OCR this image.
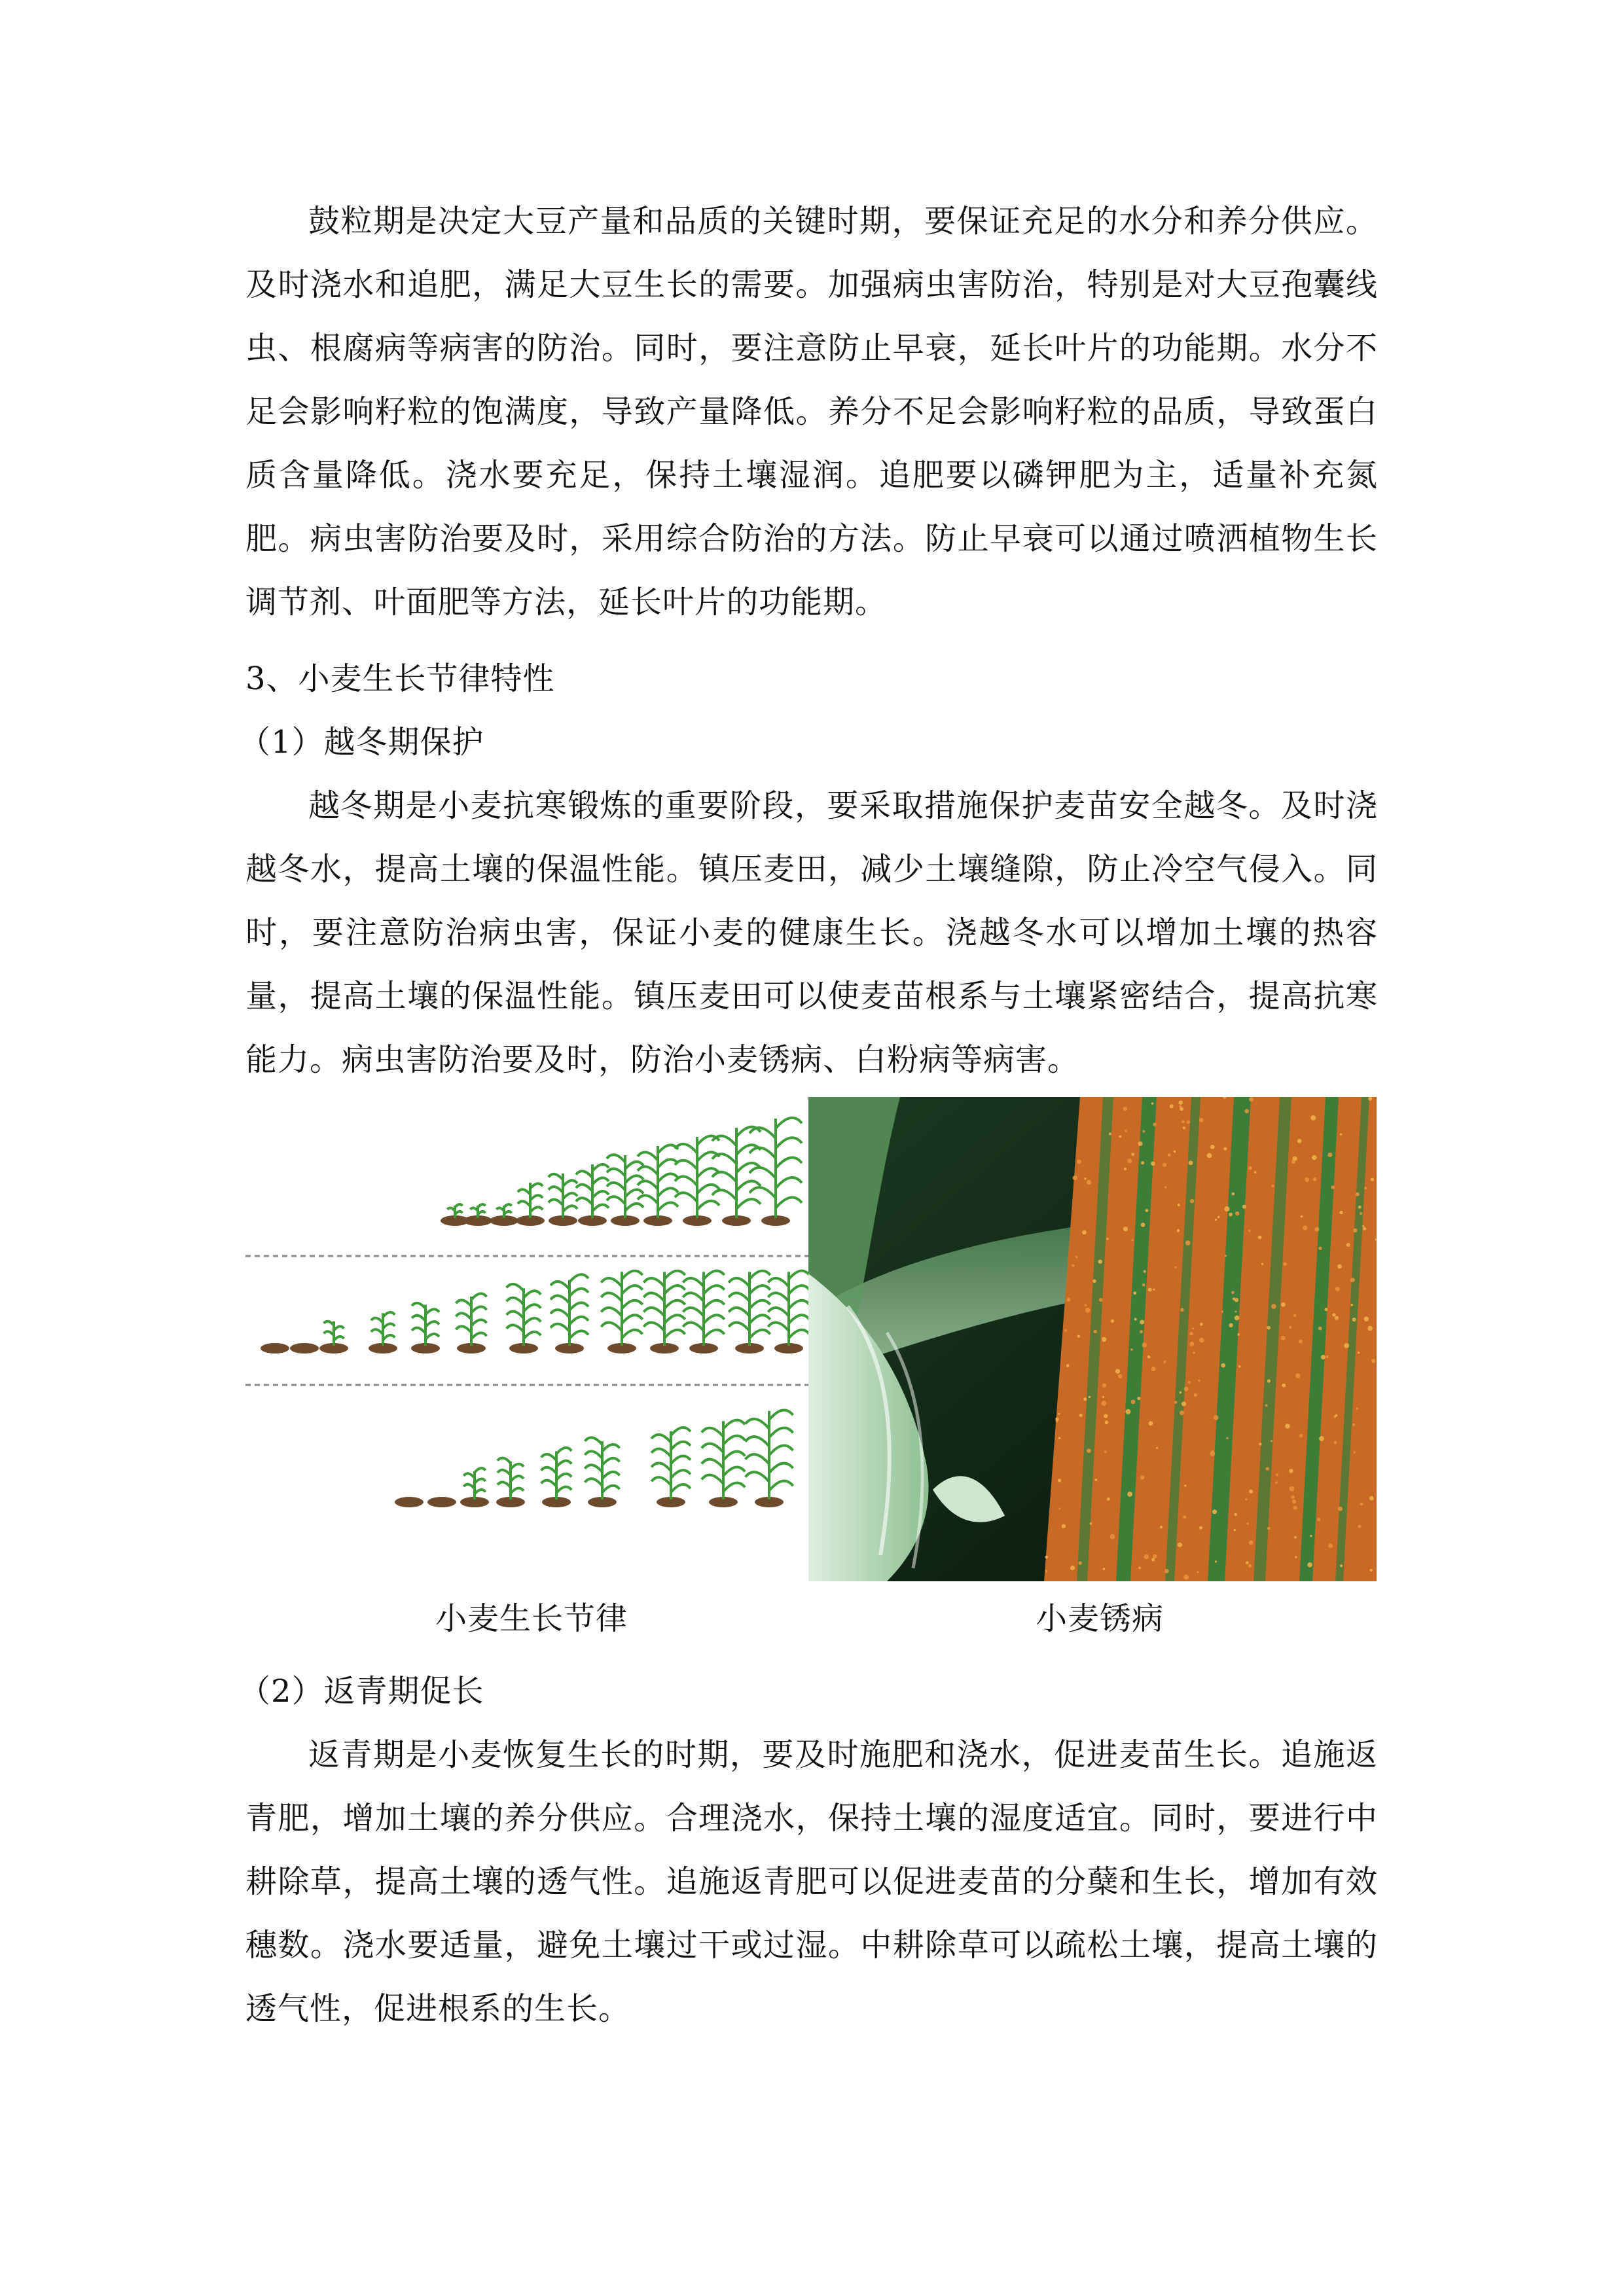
鼓粒期是决定大豆产量和品质的关键时期，要保证充足的水分和养分供应。及时浇水和追肥，满足大豆生长的需要。加强病虫害防治，特别是对大豆孢囊线虫、根腐病等病害的防治。同时，要注意防止早衰，延长叶片的功能期。水分不足会影响籽粒的饱满度，导致产量降低。养分不足会影响籽粒的品质，导致蛋白质含量降低。浇水要充足，保持土壤湿润。追肥要以磷钾肥为主，适量补充氮肥。病虫害防治要及时，采用综合防治的方法。防止早衰可以通过喷洒植物生长调节剂、叶面肥等方法，延长叶片的功能期。

3、小麦生长节律特性

（1）越冬期保护

越冬期是小麦抗寒锻炼的重要阶段，要采取措施保护麦苗安全越冬。及时浇越冬水，提高土壤的保温性能。镇压麦田，减少土壤缝隙，防止冷空气侵入。同时，要注意防治病虫害，保证小麦的健康生长。浇越冬水可以增加土壤的热容量，提高土壤的保温性能。镇压麦田可以使麦苗根系与土壤紧密结合，提高抗寒能力。病虫害防治要及时，防治小麦锈病、白粉病等病害。

小麦生长节律	小麦锈病

（2）返青期促长

返青期是小麦恢复生长的时期，要及时施肥和浇水，促进麦苗生长。追施返青肥，增加土壤的养分供应。合理浇水，保持土壤的湿度适宜。同时，要进行中耕除草，提高土壤的透气性。追施返青肥可以促进麦苗的分蘖和生长，增加有效穗数。浇水要适量，避免土壤过干或过湿。中耕除草可以疏松土壤，提高土壤的透气性，促进根系的生长。
